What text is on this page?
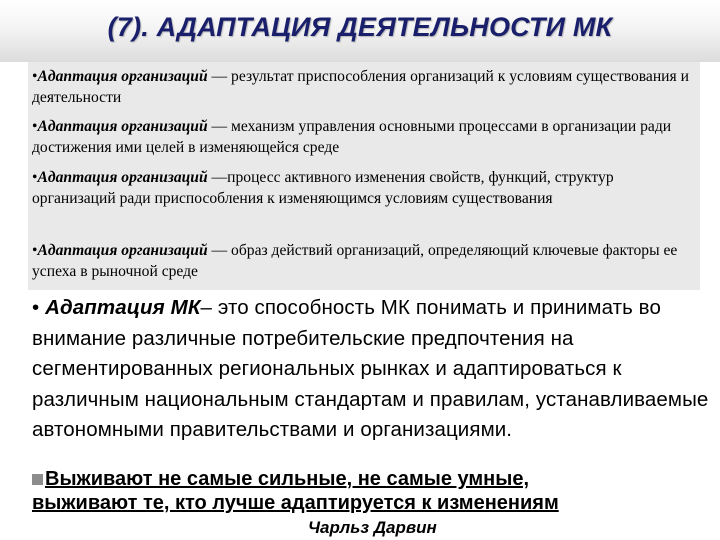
(7). АДАПТАЦИЯ ДЕЯТЕЛЬНОСТИ МК
•Адаптация организаций — результат приспособления организаций к условиям существования и деятельности
•Адаптация организаций — механизм управления основными процессами в организации ради достижения ими целей в изменяющейся среде
•Адаптация организаций —процесс активного изменения свойств, функций, структур организаций ради приспособления к изменяющимся условиям существования
•Адаптация организаций — образ действий организаций, определяющий ключевые факторы ее успеха в рыночной среде
• Адаптация МК– это способность МК понимать и принимать во внимание различные потребительские предпочтения на сегментированных региональных рынках и адаптироваться к различным национальным стандартам и правилам, устанавливаемые автономными правительствами и организациями.
Выживают не самые сильные, не самые умные,
выживают те, кто лучше адаптируется к изменениям
Чарльз Дарвин
